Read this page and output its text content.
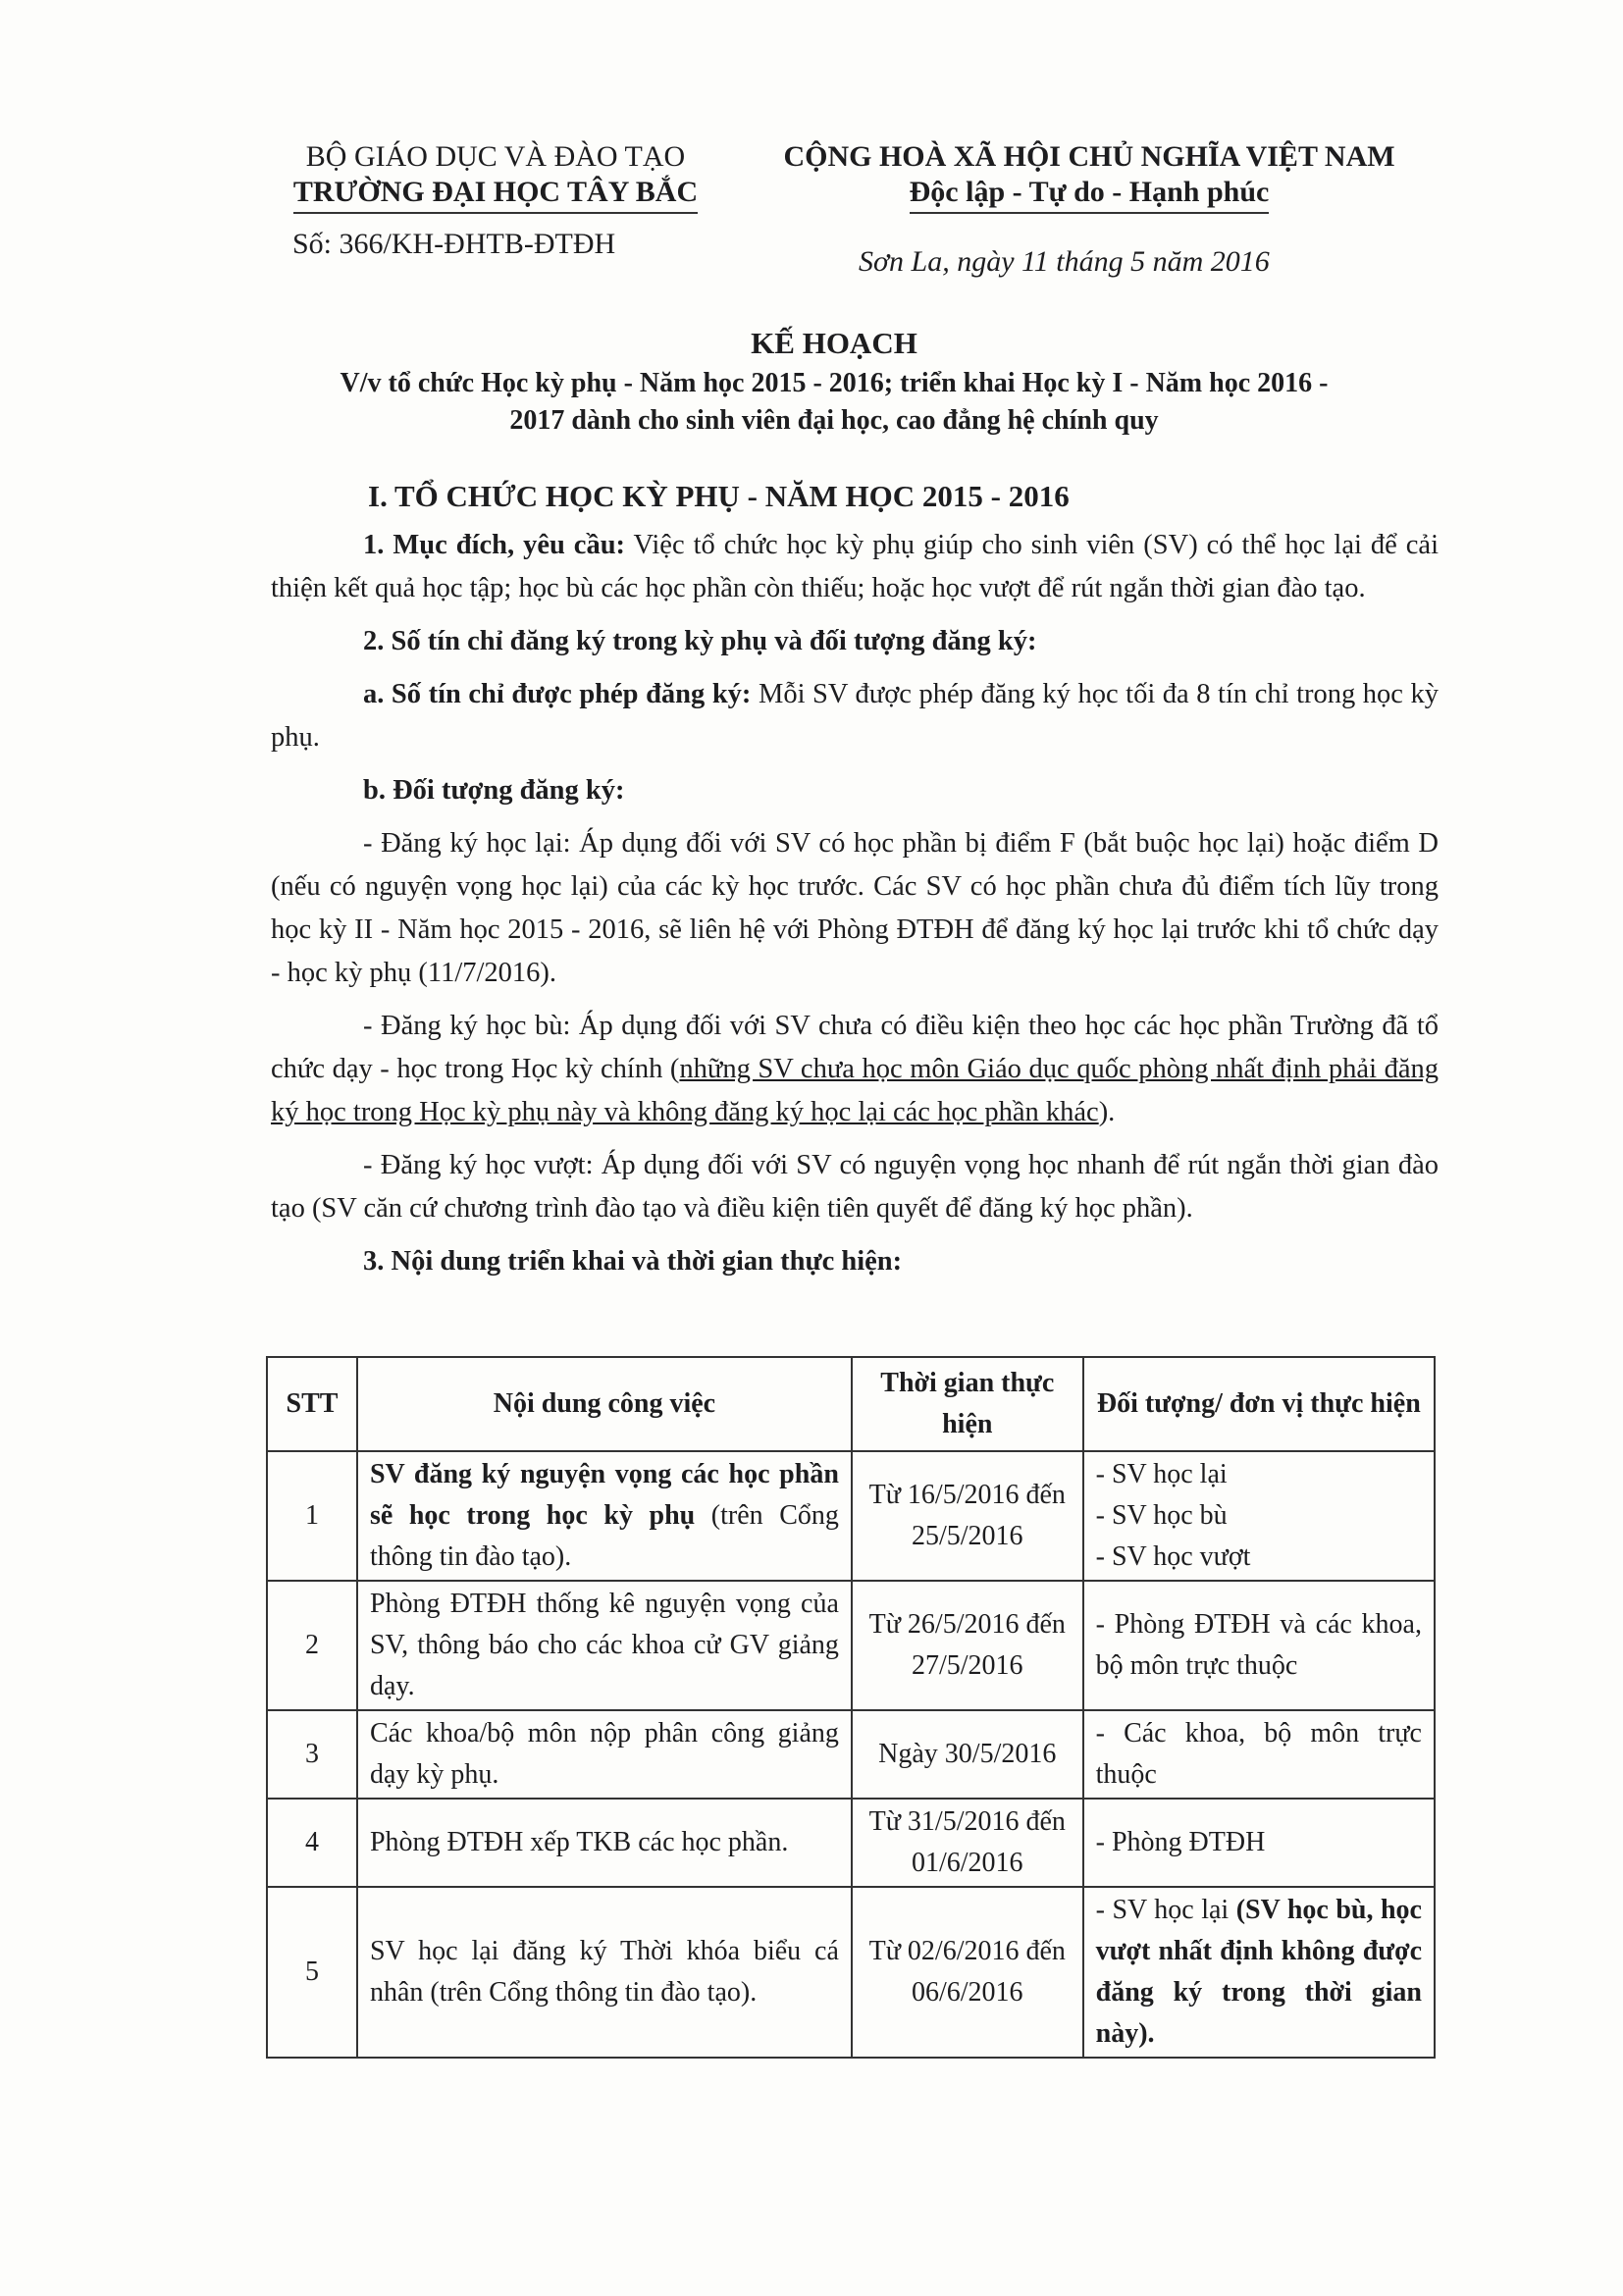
BỘ GIÁO DỤC VÀ ĐÀO TẠO
TRƯỜNG ĐẠI HỌC TÂY BẮC
Số: 366/KH-ĐHTB-ĐTĐH
CỘNG HOÀ XÃ HỘI CHỦ NGHĨA VIỆT NAM
Độc lập - Tự do - Hạnh phúc
Sơn La, ngày 11 tháng 5 năm 2016
KẾ HOẠCH
V/v tổ chức Học kỳ phụ - Năm học 2015 - 2016; triển khai Học kỳ I - Năm học 2016 -
2017 dành cho sinh viên đại học, cao đẳng hệ chính quy
I. TỔ CHỨC HỌC KỲ PHỤ - NĂM HỌC 2015 - 2016

1. Mục đích, yêu cầu: Việc tổ chức học kỳ phụ giúp cho sinh viên (SV) có thể học lại để cải thiện kết quả học tập; học bù các học phần còn thiếu; hoặc học vượt để rút ngắn thời gian đào tạo.

2. Số tín chỉ đăng ký trong kỳ phụ và đối tượng đăng ký:

a. Số tín chỉ được phép đăng ký: Mỗi SV được phép đăng ký học tối đa 8 tín chỉ trong học kỳ phụ.

b. Đối tượng đăng ký:

- Đăng ký học lại: Áp dụng đối với SV có học phần bị điểm F (bắt buộc học lại) hoặc điểm D (nếu có nguyện vọng học lại) của các kỳ học trước. Các SV có học phần chưa đủ điểm tích lũy trong học kỳ II - Năm học 2015 - 2016, sẽ liên hệ với Phòng ĐTĐH để đăng ký học lại trước khi tổ chức dạy - học kỳ phụ (11/7/2016).

- Đăng ký học bù: Áp dụng đối với SV chưa có điều kiện theo học các học phần Trường đã tổ chức dạy - học trong Học kỳ chính (những SV chưa học môn Giáo dục quốc phòng nhất định phải đăng ký học trong Học kỳ phụ này và không đăng ký học lại các học phần khác).

- Đăng ký học vượt: Áp dụng đối với SV có nguyện vọng học nhanh để rút ngắn thời gian đào tạo (SV căn cứ chương trình đào tạo và điều kiện tiên quyết để đăng ký học phần).

3. Nội dung triển khai và thời gian thực hiện:

STT	Nội dung công việc	Thời gian thực hiện	Đối tượng/ đơn vị thực hiện
1	SV đăng ký nguyện vọng các học phần sẽ học trong học kỳ phụ (trên Cổng thông tin đào tạo).	Từ 16/5/2016 đến 25/5/2016	- SV học lại
- SV học bù
- SV học vượt
2	Phòng ĐTĐH thống kê nguyện vọng của SV, thông báo cho các khoa cử GV giảng dạy.	Từ 26/5/2016 đến 27/5/2016	- Phòng ĐTĐH và các khoa, bộ môn trực thuộc
3	Các khoa/bộ môn nộp phân công giảng dạy kỳ phụ.	Ngày 30/5/2016	- Các khoa, bộ môn trực thuộc
4	Phòng ĐTĐH xếp TKB các học phần.	Từ 31/5/2016 đến 01/6/2016	- Phòng ĐTĐH
5	SV học lại đăng ký Thời khóa biểu cá nhân (trên Cổng thông tin đào tạo).	Từ 02/6/2016 đến 06/6/2016	- SV học lại (SV học bù, học vượt nhất định không được đăng ký trong thời gian này).
